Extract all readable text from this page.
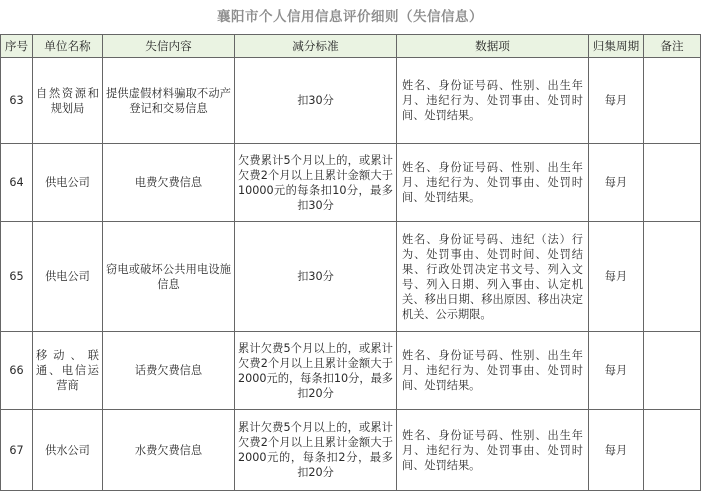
襄阳市个人信用信息评价细则（失信信息）
序号	单位名称	失信内容	减分标准	数据项	归集周期	备注
63	自然资源和规划局	提供虚假材料骗取不动产登记和交易信息	扣30分	姓名、身份证号码、性别、出生年月、违纪行为、处罚事由、处罚时间、处罚结果。	每月	
64	供电公司	电费欠费信息	欠费累计5个月以上的，或累计欠费2个月以上且累计金额大于10000元的每条扣10分，最多扣30分	姓名、身份证号码、性别、出生年月、违纪行为、处罚事由、处罚时间、处罚结果。	每月	
65	供电公司	窃电或破坏公共用电设施信息	扣30分	姓名、身份证号码、违纪（法）行为、处罚事由、处罚时间、处罚结果、行政处罚决定书文号、列入文号、列入日期、列入事由、认定机关、移出日期、移出原因、移出决定机关、公示期限。	每月	
66	移动、联通、电信运营商	话费欠费信息	累计欠费5个月以上的，或累计欠费2个月以上且累计金额大于2000元的，每条扣10分，最多扣20分	姓名、身份证号码、性别、出生年月、违纪行为、处罚事由、处罚时间、处罚结果。	每月	
67	供水公司	水费欠费信息	累计欠费5个月以上的，或累计欠费2个月以上且累计金额大于2000元的，每条扣2分，最多扣20分	姓名、身份证号码、性别、出生年月、违纪行为、处罚事由、处罚时间、处罚结果。	每月	
